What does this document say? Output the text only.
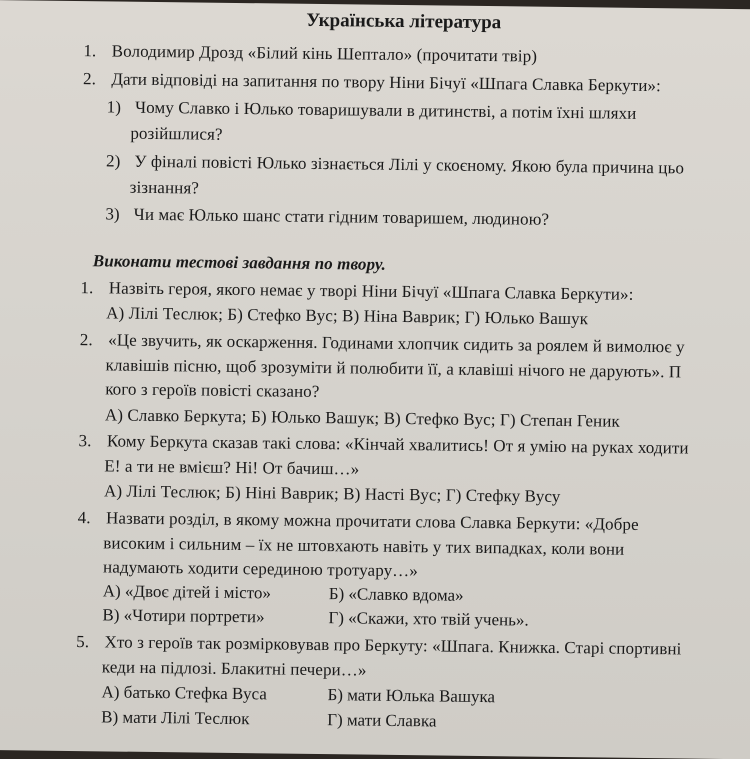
Українська література
1. Володимир Дрозд «Білий кінь Шептало» (прочитати твір)
2. Дати відповіді на запитання по твору Ніни Бічуї «Шпага Славка Беркути»:
1) Чому Славко і Юлько товаришували в дитинстві, а потім їхні шляхи
розійшлися?
2) У фіналі повісті Юлько зізнається Лілі у скоєному. Якою була причина цьо
зізнання?
3) Чи має Юлько шанс стати гідним товаришем, людиною?
Виконати тестові завдання по твору.
1. Назвіть героя, якого немає у творі Ніни Бічуї «Шпага Славка Беркути»:
А) Лілі Теслюк; Б) Стефко Вус; В) Ніна Ваврик; Г) Юлько Вашук
2. «Це звучить, як оскарження. Годинами хлопчик сидить за роялем й вимолює у
клавішів пісню, щоб зрозуміти й полюбити її, а клавіші нічого не дарують». П
кого з героїв повісті сказано?
А) Славко Беркута; Б) Юлько Вашук; В) Стефко Вус; Г) Степан Геник
3. Кому Беркута сказав такі слова: «Кінчай хвалитись! От я умію на руках ходити
Е! а ти не вмієш? Ні! От бачиш…»
А) Лілі Теслюк; Б) Ніні Ваврик; В) Насті Вус; Г) Стефку Вусу
4. Назвати розділ, в якому можна прочитати слова Славка Беркути: «Добре
високим і сильним – їх не штовхають навіть у тих випадках, коли вони
надумають ходити серединою тротуару…»
А) «Двоє дітей і місто»	Б) «Славко вдома»
В) «Чотири портрети»	Г) «Скажи, хто твій учень».
5. Хто з героїв так розмірковував про Беркуту: «Шпага. Книжка. Старі спортивні
кеди на підлозі. Блакитні печери…»
А) батько Стефка Вуса	Б) мати Юлька Вашука
В) мати Лілі Теслюк	Г) мати Славка
